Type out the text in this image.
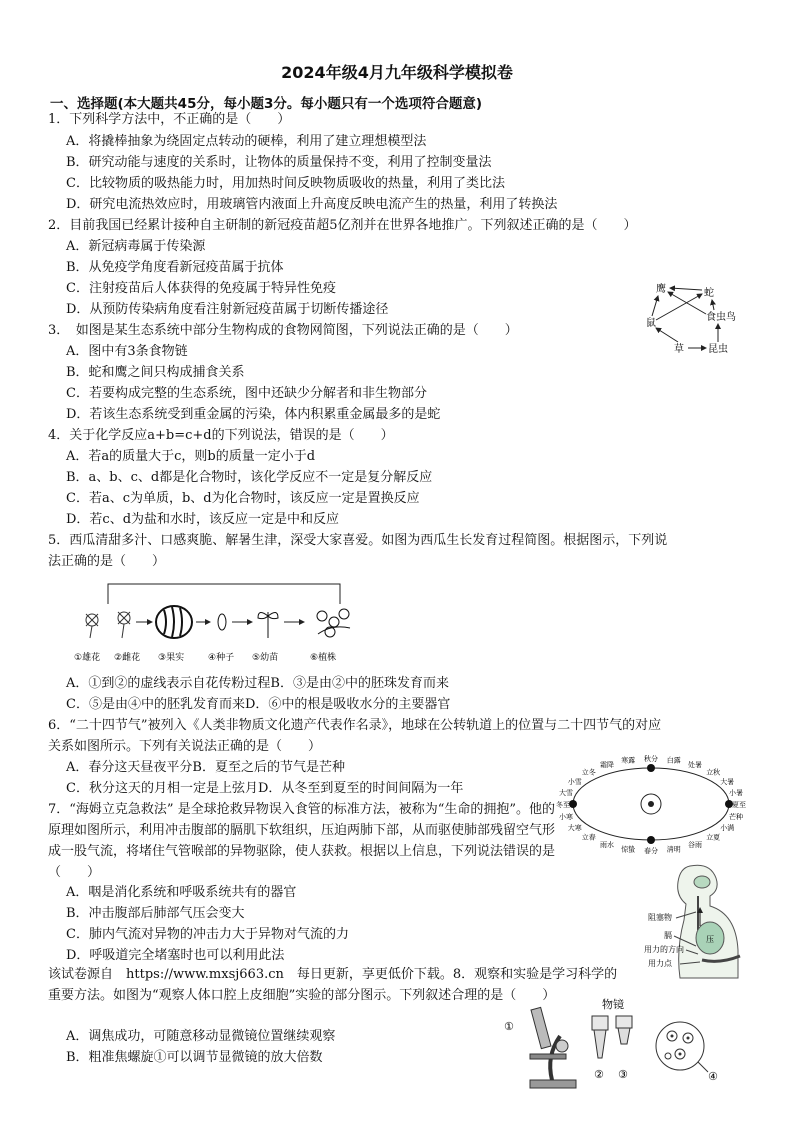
2024年级4月九年级科学模拟卷
一、选择题(本大题共45分，每小题3分。每小题只有一个选项符合题意)
1．下列科学方法中，不正确的是（　　）
A．将撬棒抽象为绕固定点转动的硬棒，利用了建立理想模型法
B．研究动能与速度的关系时，让物体的质量保持不变，利用了控制变量法
C．比较物质的吸热能力时，用加热时间反映物质吸收的热量，利用了类比法
D．研究电流热效应时，用玻璃管内液面上升高度反映电流产生的热量，利用了转换法
2．目前我国已经累计接种自主研制的新冠疫苗超5亿剂并在世界各地推广。下列叙述正确的是（　　）
A．新冠病毒属于传染源
B．从免疫学角度看新冠疫苗属于抗体
C．注射疫苗后人体获得的免疫属于特异性免疫
D．从预防传染病角度看注射新冠疫苗属于切断传播途径
3．　如图是某生态系统中部分生物构成的食物网简图，下列说法正确的是（　　）
A．图中有3条食物链
B．蛇和鹰之间只构成捕食关系
C．若要构成完整的生态系统，图中还缺少分解者和非生物部分
D．若该生态系统受到重金属的污染，体内积累重金属最多的是蛇
鹰	蛇
食虫鸟
鼠
草 昆虫
4．关于化学反应a+b=c+d的下列说法，错误的是（　　）
A．若a的质量大于c，则b的质量一定小于d
B．a、b、c、d都是化合物时，该化学反应不一定是复分解反应
C．若a、c为单质，b、d为化合物时，该反应一定是置换反应
D．若c、d为盐和水时，该反应一定是中和反应
5．西瓜清甜多汁、口感爽脆、解暑生津，深受大家喜爱。如图为西瓜生长发育过程简图。根据图示，下列说
法正确的是（　　）
①雄花 ②雌花 ③果实	④种子 ⑤幼苗	⑥植株
A．①到②的虚线表示自花传粉过程B．③是由②中的胚珠发育而来
C．⑤是由④中的胚乳发育而来D．⑥中的根是吸收水分的主要器官
6．“二十四节气”被列入《人类非物质文化遗产代表作名录》，地球在公转轨道上的位置与二十四节气的对应
关系如图所示。下列有关说法正确的是（　　）
A．春分这天昼夜平分B．夏至之后的节气是芒种
C．秋分这天的月相一定是上弦月D．从冬至到夏至的时间间隔为一年
秋分 白露
处暑
立秋
大暑
小暑
夏至
芒种
小满
立夏
谷雨
清明
春分
惊蛰
雨水
立春
大寒
小寒
冬至
大雪
小雪
立冬
霜降
寒露
7．“海姆立克急救法” 是全球抢救异物误入食管的标准方法，被称为“生命的拥抱”。他的原理如图所示，利用冲击腹部的膈肌下软组织，压迫两肺下部，从而驱使肺部残留空气形成一股气流，将堵住气管喉部的异物驱除，使人获救。根据以上信息，下列说法错误的是（　　）
A．咽是消化系统和呼吸系统共有的器官
B．冲击腹部后肺部气压会变大
C．肺内气流对异物的冲击力大于异物对气流的力
D．呼吸道完全堵塞时也可以利用此法
压
阻塞物
膈
用力的方向
用力点
该试卷源自　https://www.mxsj663.cn　每日更新，享更低价下载。8．观察和实验是学习科学的重要方法。如图为“观察人体口腔上皮细胞”实验的部分图示。下列叙述合理的是（　　）
A．调焦成功，可随意移动显微镜位置继续观察
B．粗准焦螺旋①可以调节显微镜的放大倍数
①
物镜
② ③	④
